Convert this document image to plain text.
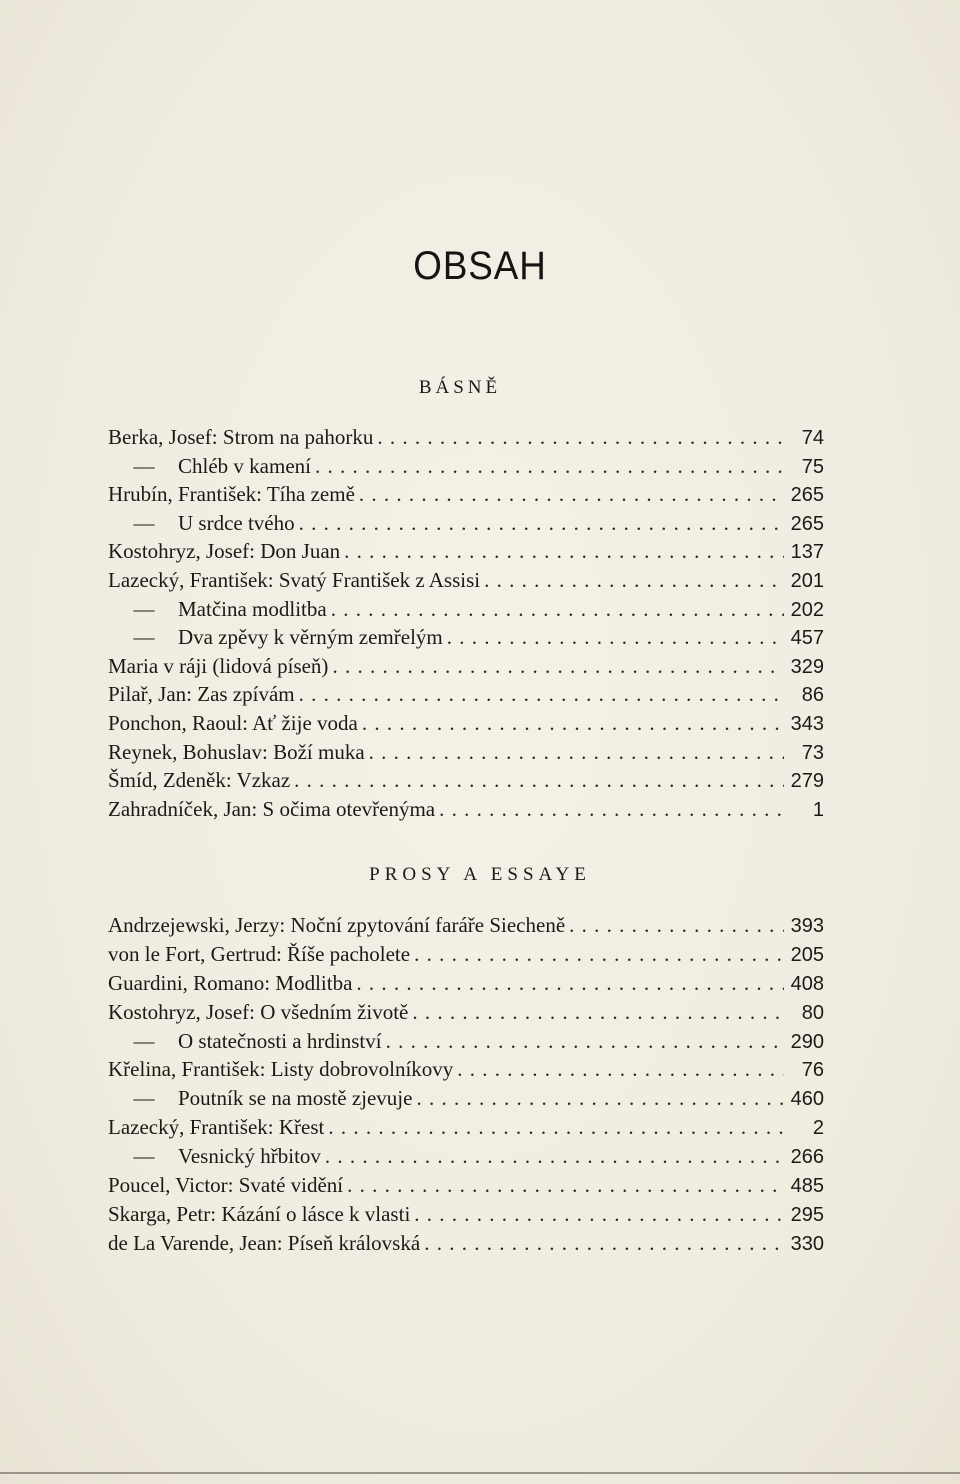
OBSAH
BÁSNĚ
Berka, Josef: Strom na pahorku . . .	74
—	Chléb v kamení . . .	75
Hrubín, František: Tíha země . . .	265
—	U srdce tvého . . .	265
Kostohryz, Josef: Don Juan . . .	137
Lazecký, František: Svatý František z Assisi . . .	201
—	Matčina modlitba . . .	202
—	Dva zpěvy k věrným zemřelým . . .	457
Maria v ráji (lidová píseň) . . .	329
Pilař, Jan: Zas zpívám . . .	86
Ponchon, Raoul: Ať žije voda . . .	343
Reynek, Bohuslav: Boží muka . . .	73
Šmíd, Zdeněk: Vzkaz . . .	279
Zahradníček, Jan: S očima otevřenýma . . .	1
PROSY A ESSAYE
Andrzejewski, Jerzy: Noční zpytování faráře Siecheně . . .	393
von le Fort, Gertrud: Říše pacholete . . .	205
Guardini, Romano: Modlitba . . .	408
Kostohryz, Josef: O všedním životě . . .	80
—	O statečnosti a hrdinství . . .	290
Křelina, František: Listy dobrovolníkovy . . .	76
—	Poutník se na mostě zjevuje . . .	460
Lazecký, František: Křest . . .	2
—	Vesnický hřbitov . . .	266
Poucel, Victor: Svaté vidění . . .	485
Skarga, Petr: Kázání o lásce k vlasti . . .	295
de La Varende, Jean: Píseň královská . . .	330
